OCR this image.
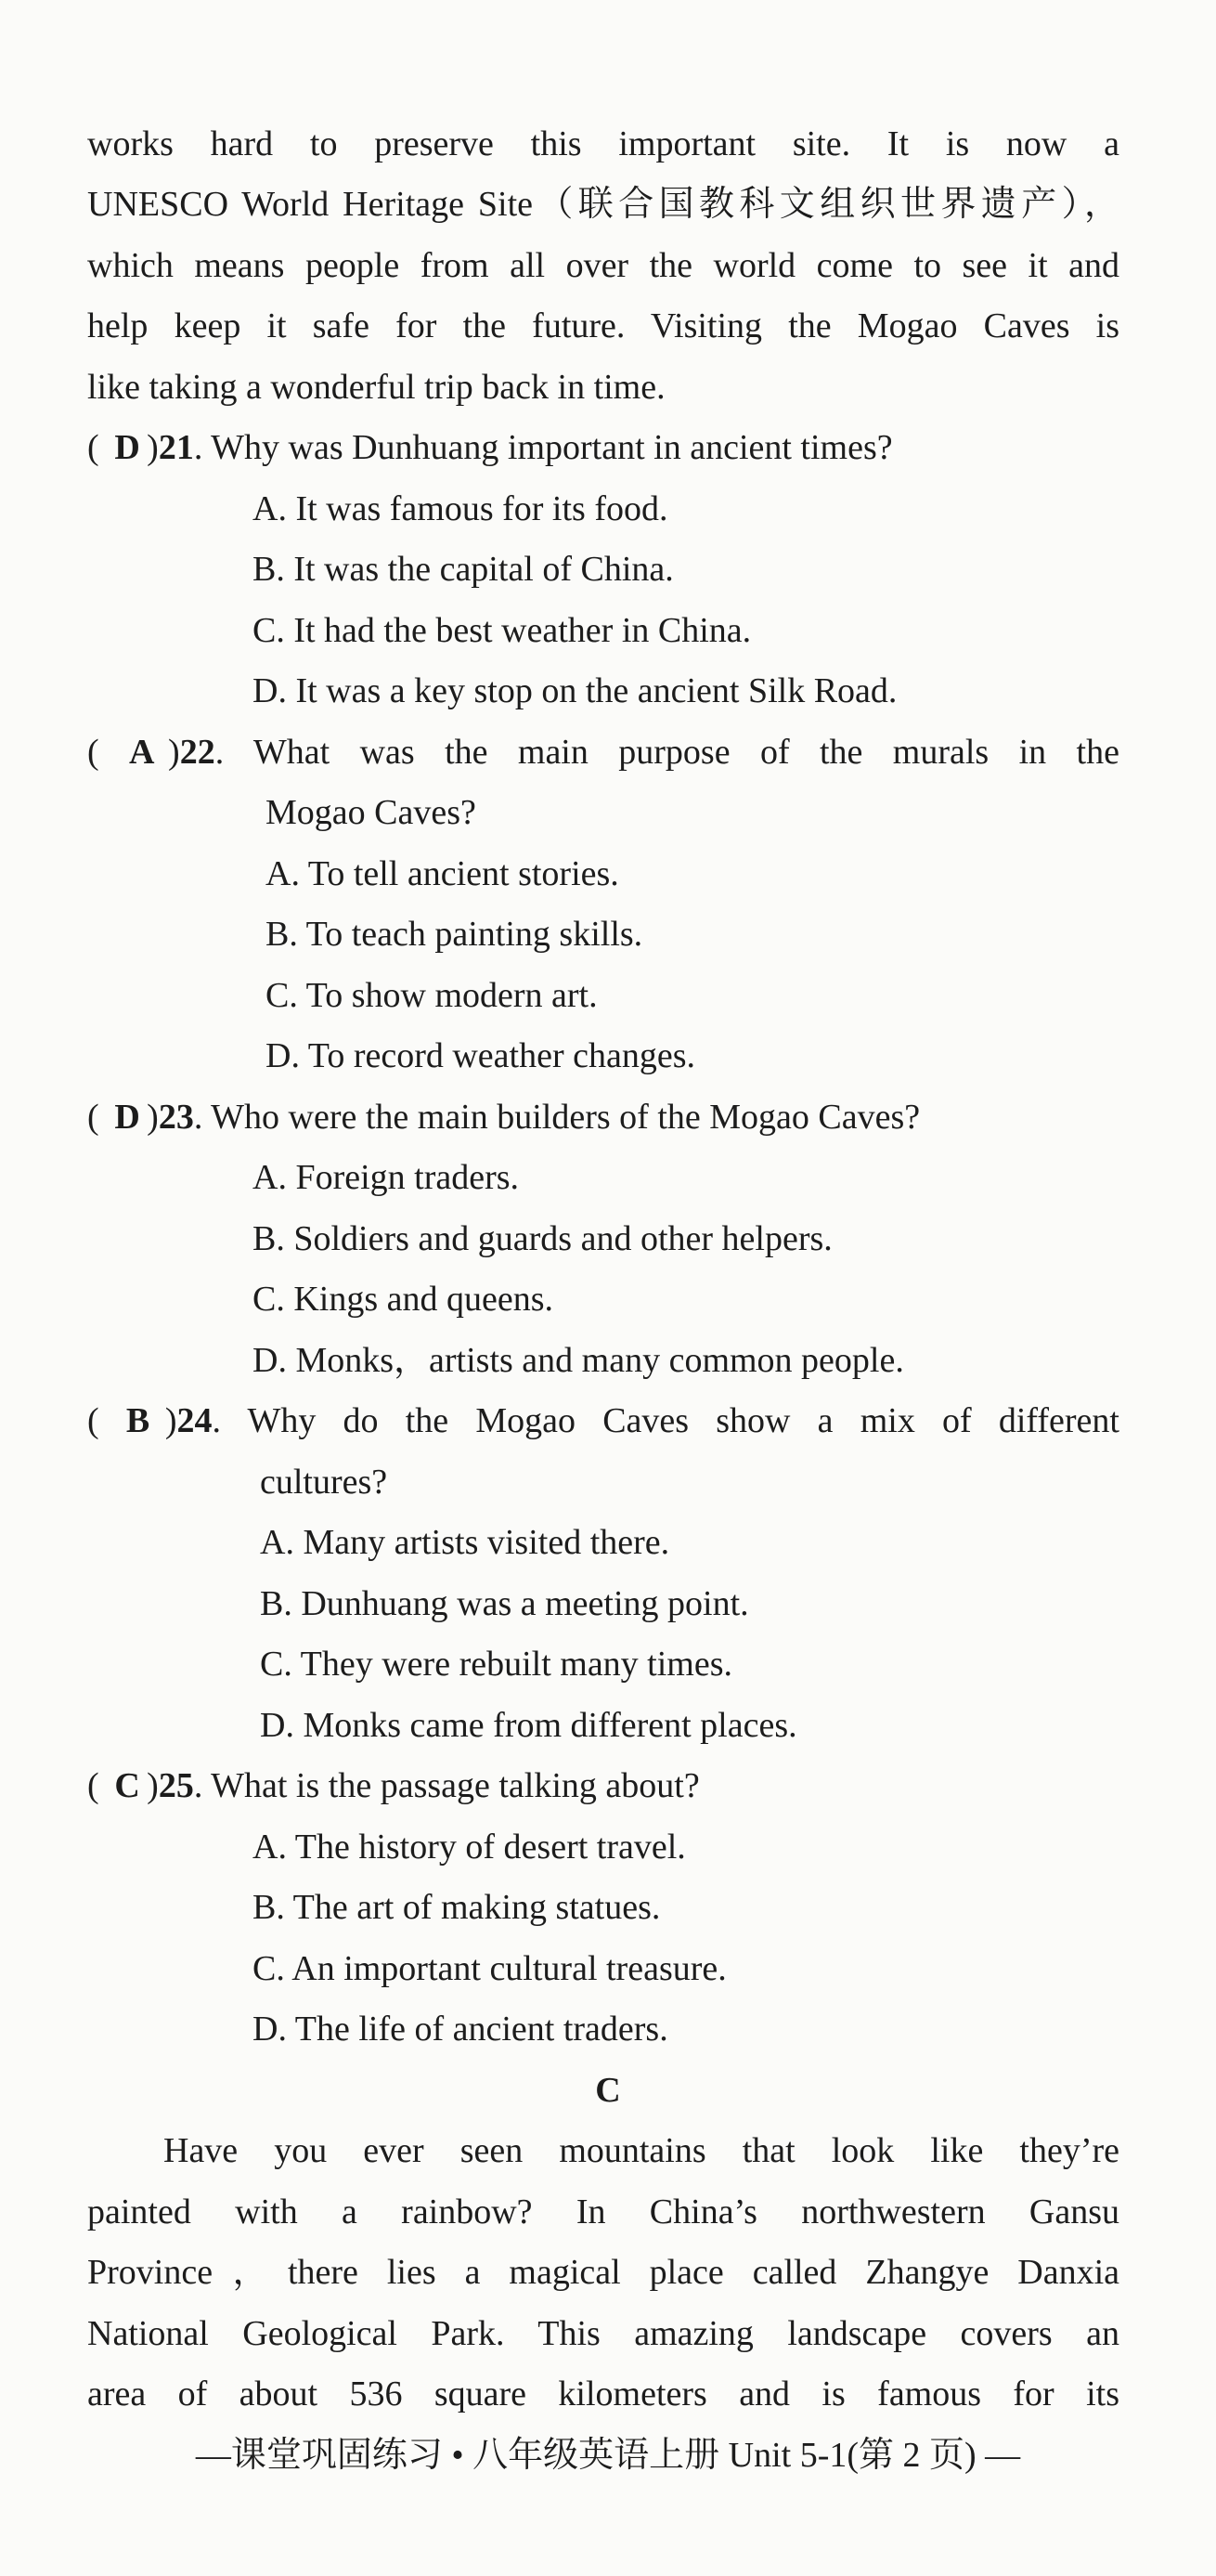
works hard to preserve this important site. It is now a

UNESCO World Heritage Site（联合国教科文组织世界遗产），

which means people from all over the world come to see it and

help keep it safe for the future. Visiting the Mogao Caves is

like taking a wonderful trip back in time.

( D )21. Why was Dunhuang important in ancient times?
A. It was famous for its food.
B. It was the capital of China.
C. It had the best weather in China.
D. It was a key stop on the ancient Silk Road.
( A )22. What was the main purpose of the murals in the
Mogao Caves?
A. To tell ancient stories.
B. To teach painting skills.
C. To show modern art.
D. To record weather changes.
( D )23. Who were the main builders of the Mogao Caves?
A. Foreign traders.
B. Soldiers and guards and other helpers.
C. Kings and queens.
D. Monks，artists and many common people.
( B )24. Why do the Mogao Caves show a mix of different
cultures?
A. Many artists visited there.
B. Dunhuang was a meeting point.
C. They were rebuilt many times.
D. Monks came from different places.
( C )25. What is the passage talking about?
A. The history of desert travel.
B. The art of making statues.
C. An important cultural treasure.
D. The life of ancient traders.
C

Have you ever seen mountains that look like they’re

painted with a rainbow? In China’s northwestern Gansu

Province，there lies a magical place called Zhangye Danxia

National Geological Park. This amazing landscape covers an

area of about 536 square kilometers and is famous for its

—课堂巩固练习 • 八年级英语上册 Unit 5-1(第 2 页) —
